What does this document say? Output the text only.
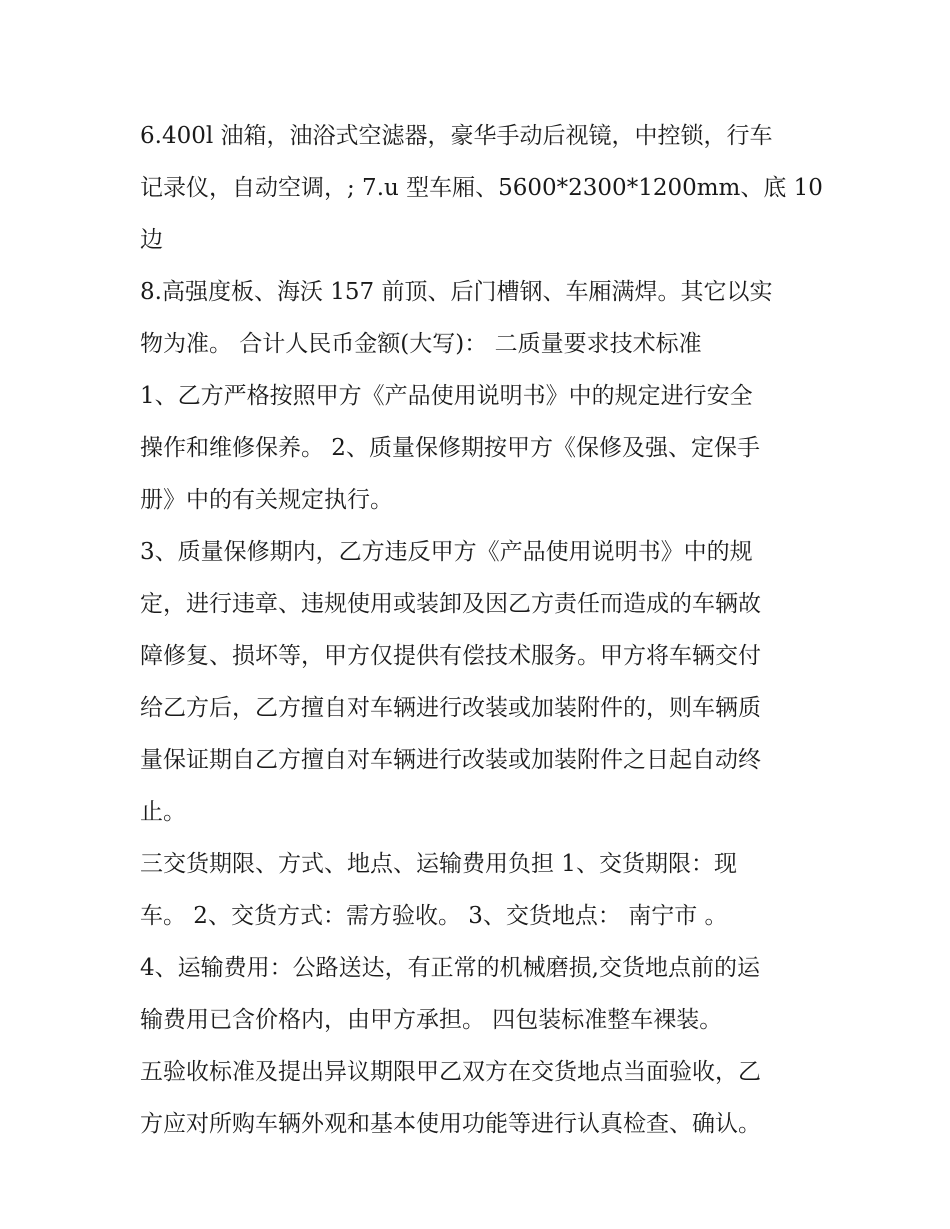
6.400l 油箱，油浴式空滤器，豪华手动后视镜，中控锁，行车
记录仪，自动空调，; 7.u 型车厢、5600*2300*1200mm、底 10
边
8.高强度板、海沃 157 前顶、后门槽钢、车厢满焊。其它以实
物为准。 合计人民币金额(大写)： 二质量要求技术标准
1、乙方严格按照甲方《产品使用说明书》中的规定进行安全
操作和维修保养。 2、质量保修期按甲方《保修及强、定保手
册》中的有关规定执行。
3、质量保修期内，乙方违反甲方《产品使用说明书》中的规
定，进行违章、违规使用或装卸及因乙方责任而造成的车辆故
障修复、损坏等，甲方仅提供有偿技术服务。甲方将车辆交付
给乙方后，乙方擅自对车辆进行改装或加装附件的，则车辆质
量保证期自乙方擅自对车辆进行改装或加装附件之日起自动终
止。
三交货期限、方式、地点、运输费用负担 1、交货期限：现
车。 2、交货方式：需方验收。 3、交货地点： 南宁市 。
4、运输费用：公路送达，有正常的机械磨损,交货地点前的运
输费用已含价格内，由甲方承担。 四包装标准整车裸装。
五验收标准及提出异议期限甲乙双方在交货地点当面验收，乙
方应对所购车辆外观和基本使用功能等进行认真检查、确认。
